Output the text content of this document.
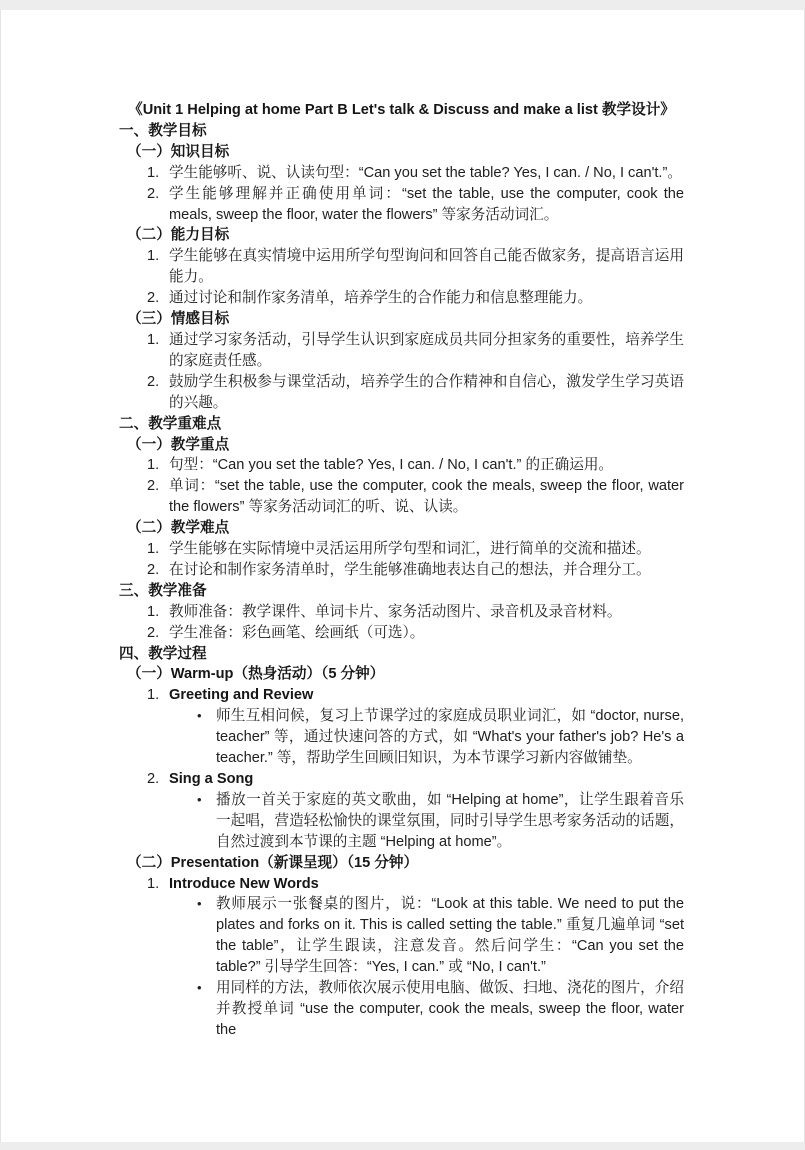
《Unit 1 Helping at home Part B Let's talk & Discuss and make a list 教学设计》
一、教学目标
（一）知识目标
1. 学生能够听、说、认读句型：“Can you set the table? Yes, I can. / No, I can't.”。
2. 学生能够理解并正确使用单词：“set the table, use the computer, cook the meals, sweep the floor, water the flowers” 等家务活动词汇。
（二）能力目标
1. 学生能够在真实情境中运用所学句型询问和回答自己能否做家务，提高语言运用能力。
2. 通过讨论和制作家务清单，培养学生的合作能力和信息整理能力。
（三）情感目标
1. 通过学习家务活动，引导学生认识到家庭成员共同分担家务的重要性，培养学生的家庭责任感。
2. 鼓励学生积极参与课堂活动，培养学生的合作精神和自信心，激发学生学习英语的兴趣。
二、教学重难点
（一）教学重点
1. 句型：“Can you set the table? Yes, I can. / No, I can't.” 的正确运用。
2. 单词：“set the table, use the computer, cook the meals, sweep the floor, water the flowers” 等家务活动词汇的听、说、认读。
（二）教学难点
1. 学生能够在实际情境中灵活运用所学句型和词汇，进行简单的交流和描述。
2. 在讨论和制作家务清单时，学生能够准确地表达自己的想法，并合理分工。
三、教学准备
1. 教师准备：教学课件、单词卡片、家务活动图片、录音机及录音材料。
2. 学生准备：彩色画笔、绘画纸（可选）。
四、教学过程
（一）Warm-up（热身活动）（5 分钟）
1. Greeting and Review
• 师生互相问候，复习上节课学过的家庭成员职业词汇，如 “doctor, nurse, teacher” 等，通过快速问答的方式，如 “What's your father's job? He's a teacher.” 等，帮助学生回顾旧知识，为本节课学习新内容做铺垫。
2. Sing a Song
• 播放一首关于家庭的英文歌曲，如 “Helping at home”，让学生跟着音乐一起唱，营造轻松愉快的课堂氛围，同时引导学生思考家务活动的话题，自然过渡到本节课的主题 “Helping at home”。
（二）Presentation（新课呈现）（15 分钟）
1. Introduce New Words
• 教师展示一张餐桌的图片，说：“Look at this table. We need to put the plates and forks on it. This is called setting the table.” 重复几遍单词 “set the table”，让学生跟读，注意发音。然后问学生：“Can you set the table?” 引导学生回答：“Yes, I can.” 或 “No, I can't.”
• 用同样的方法，教师依次展示使用电脑、做饭、扫地、浇花的图片，介绍并教授单词 “use the computer, cook the meals, sweep the floor, water the
